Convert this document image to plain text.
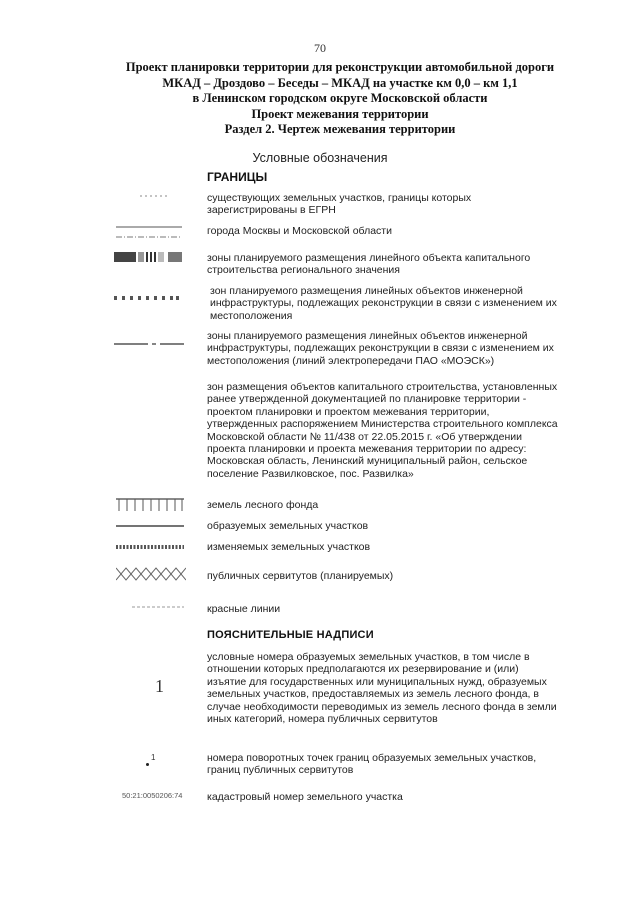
70
Проект планировки территории для реконструкции автомобильной дороги
МКАД – Дроздово – Беседы – МКАД на участке км 0,0 – км 1,1
в Ленинском городском округе Московской области
Проект межевания территории
Раздел 2. Чертеж межевания территории
Условные обозначения
ГРАНИЦЫ
существующих земельных участков, границы которых зарегистрированы в ЕГРН
города Москвы и Московской области
зоны планируемого размещения линейного объекта капитального строительства регионального значения
зон планируемого размещения линейных объектов инженерной инфраструктуры, подлежащих реконструкции в связи с изменением их местоположения
зоны планируемого размещения линейных объектов инженерной инфраструктуры, подлежащих реконструкции в связи с изменением их местоположения (линий электропередачи ПАО «МОЭСК»)
зон размещения объектов капитального строительства, установленных ранее утвержденной документацией по планировке территории - проектом планировки и проектом межевания территории, утвержденных распоряжением Министерства строительного комплекса Московской области № 11/438 от 22.05.2015 г. «Об утверждении проекта планировки и проекта межевания территории по адресу: Московская область, Ленинский муниципальный район, сельское поселение Развилковское, пос. Развилка»
земель лесного фонда
образуемых земельных участков
изменяемых земельных участков
публичных сервитутов (планируемых)
красные линии
ПОЯСНИТЕЛЬНЫЕ НАДПИСИ
1
условные номера образуемых земельных участков, в том числе в отношении которых предполагаются их резервирование и (или) изъятие для государственных или муниципальных нужд, образуемых земельных участков, предоставляемых из земель лесного фонда, в случае необходимости переводимых из земель лесного фонда в земли иных категорий, номера публичных сервитутов
1	номера поворотных точек границ образуемых земельных участков, границ публичных сервитутов
50:21:0050206:74 кадастровый номер земельного участка
